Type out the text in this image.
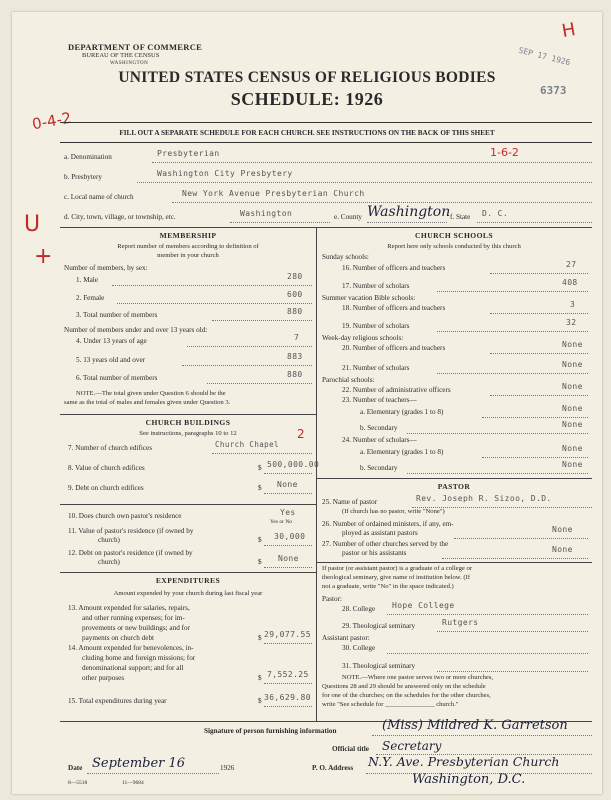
DEPARTMENT OF COMMERCE
BUREAU OF THE CENSUS
WASHINGTON
UNITED STATES CENSUS OF RELIGIOUS BODIES
SCHEDULE: 1926
SEP 17 1926
6373
H
0-4-2
U
+
FILL OUT A SEPARATE SCHEDULE FOR EACH CHURCH. SEE INSTRUCTIONS ON THE BACK OF THIS SHEET
a. Denomination	Presbyterian	1-6-2
b. Presbytery	Washington City Presbytery
c. Local name of church	New York Avenue Presbyterian Church
d. City, town, village, or township, etc.	Washington	e. County Washington f. State D. C.
MEMBERSHIP
Report number of members according to definition of
member in your church
Number of members, by sex:
1. Male	280
2. Female	600
3. Total number of members	880
Number of members under and over 13 years old:
4. Under 13 years of age	7
5. 13 years old and over	883
6. Total number of members	880
NOTE.—The total given under Question 6 should be the
same as the total of males and females given under Question 3.
CHURCH BUILDINGS
See instructions, paragraphs 10 to 12
7. Number of church edifices	Church Chapel
2
8. Value of church edifices	$ 500,000.00
9. Debt on church edifices	$ None
10. Does church own pastor's residence	Yes
Yes or No
11. Value of pastor's residence (if owned by
church)	$ 30,000
12. Debt on pastor's residence (if owned by
church)	$ None
EXPENDITURES
Amount expended by your church during last fiscal year
13. Amount expended for salaries, repairs,
and other running expenses; for im-
provements or new buildings; and for
payments on church debt	$ 29,077.55
14. Amount expended for benevolences, in-
cluding home and foreign missions; for
denominational support; and for all
other purposes	$ 7,552.25
15. Total expenditures during year	$ 36,629.80
CHURCH SCHOOLS
Report here only schools conducted by this church
Sunday schools:
16. Number of officers and teachers	27
17. Number of scholars	408
Summer vacation Bible schools:
18. Number of officers and teachers	3
19. Number of scholars	32
Week-day religious schools:
20. Number of officers and teachers	None
21. Number of scholars	None
Parochial schools:
22. Number of administrative officers	None
23. Number of teachers—
a. Elementary (grades 1 to 8)	None
b. Secondary	None
24. Number of scholars—
a. Elementary (grades 1 to 8)	None
b. Secondary	None
PASTOR
25. Name of pastor	Rev. Joseph R. Sizoo, D.D.
(If church has no pastor, write "None")
26. Number of ordained ministers, if any, em-
ployed as assistant pastors	None
27. Number of other churches served by the
pastor or his assistants	None
If pastor (or assistant pastor) is a graduate of a college or
theological seminary, give name of institution below. (If
not a graduate, write "No" in the space indicated.)
Pastor:
28. College Hope College
29. Theological seminary	Rutgers
Assistant pastor:
30. College
31. Theological seminary
NOTE.—Where one pastor serves two or more churches,
Questions 28 and 29 should be answered only on the schedule
for one of the churches; on the schedules for the other churches,
write "See schedule for _______________ church."
Signature of person furnishing information	(Miss) Mildred K. Garretson
Official title Secretary
Date September 16	1926
8—5518	11—9684
P. O. Address N.Y. Ave. Presbyterian Church
Washington, D.C.
